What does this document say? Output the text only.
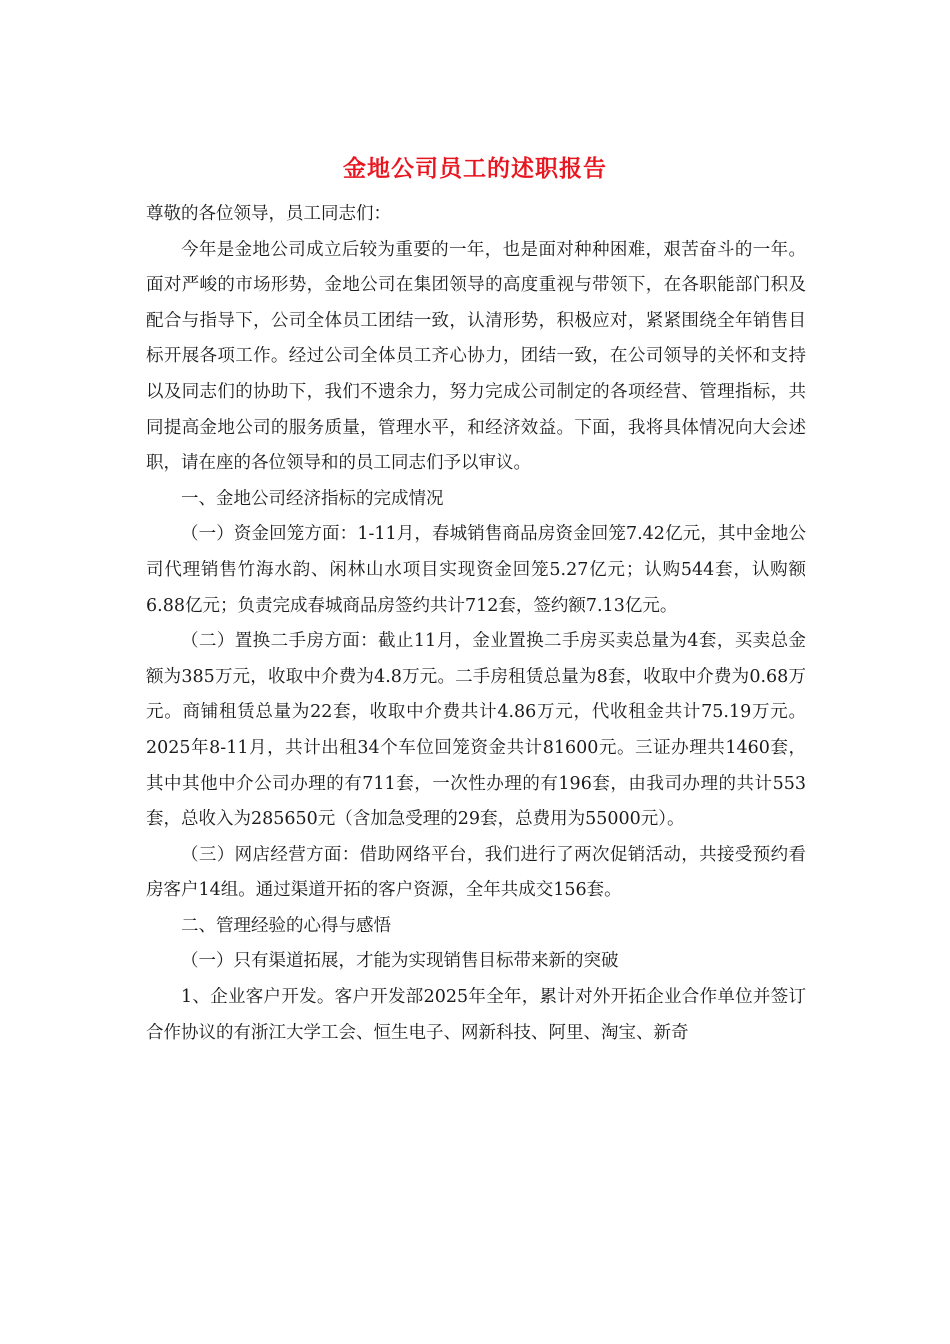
金地公司员工的述职报告

尊敬的各位领导，员工同志们：

今年是金地公司成立后较为重要的一年，也是面对种种困难，艰苦奋斗的一年。面对严峻的市场形势，金地公司在集团领导的高度重视与带领下，在各职能部门积及配合与指导下，公司全体员工团结一致，认清形势，积极应对，紧紧围绕全年销售目标开展各项工作。经过公司全体员工齐心协力，团结一致，在公司领导的关怀和支持以及同志们的协助下，我们不遗余力，努力完成公司制定的各项经营、管理指标，共同提高金地公司的服务质量，管理水平，和经济效益。下面，我将具体情况向大会述职，请在座的各位领导和的员工同志们予以审议。

一、金地公司经济指标的完成情况

（一）资金回笼方面：1-11月，春城销售商品房资金回笼7.42亿元，其中金地公司代理销售竹海水韵、闲林山水项目实现资金回笼5.27亿元；认购544套，认购额6.88亿元；负责完成春城商品房签约共计712套，签约额7.13亿元。

（二）置换二手房方面：截止11月，金业置换二手房买卖总量为4套，买卖总金额为385万元，收取中介费为4.8万元。二手房租赁总量为8套，收取中介费为0.68万元。商铺租赁总量为22套，收取中介费共计4.86万元，代收租金共计75.19万元。2025年8-11月，共计出租34个车位回笼资金共计81600元。三证办理共1460套，其中其他中介公司办理的有711套，一次性办理的有196套，由我司办理的共计553套，总收入为285650元（含加急受理的29套，总费用为55000元）。

（三）网店经营方面：借助网络平台，我们进行了两次促销活动，共接受预约看房客户14组。通过渠道开拓的客户资源，全年共成交156套。

二、管理经验的心得与感悟

（一）只有渠道拓展，才能为实现销售目标带来新的突破

1、企业客户开发。客户开发部2025年全年，累计对外开拓企业合作单位并签订合作协议的有浙江大学工会、恒生电子、网新科技、阿里、淘宝、新奇
